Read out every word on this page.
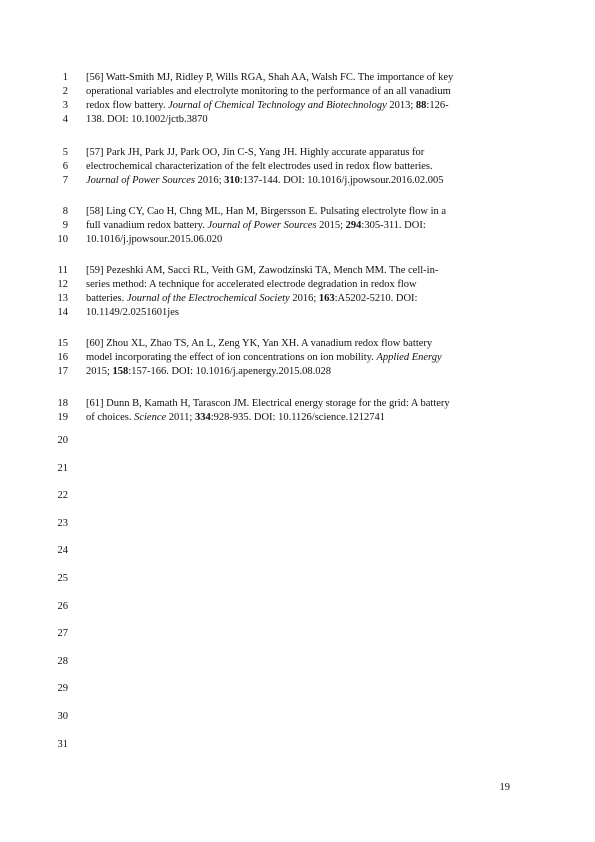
1 [56] Watt-Smith MJ, Ridley P, Wills RGA, Shah AA, Walsh FC. The importance of key
2 operational variables and electrolyte monitoring to the performance of an all vanadium
3 redox flow battery. Journal of Chemical Technology and Biotechnology 2013; 88:126-
4 138. DOI: 10.1002/jctb.3870
5 [57] Park JH, Park JJ, Park OO, Jin C-S, Yang JH. Highly accurate apparatus for
6 electrochemical characterization of the felt electrodes used in redox flow batteries.
7 Journal of Power Sources 2016; 310:137-144. DOI: 10.1016/j.jpowsour.2016.02.005
8 [58] Ling CY, Cao H, Chng ML, Han M, Birgersson E. Pulsating electrolyte flow in a
9 full vanadium redox battery. Journal of Power Sources 2015; 294:305-311. DOI:
10 10.1016/j.jpowsour.2015.06.020
11 [59] Pezeshki AM, Sacci RL, Veith GM, Zawodzinski TA, Mench MM. The cell-in-
12 series method: A technique for accelerated electrode degradation in redox flow
13 batteries. Journal of the Electrochemical Society 2016; 163:A5202-5210. DOI:
14 10.1149/2.0251601jes
15 [60] Zhou XL, Zhao TS, An L, Zeng YK, Yan XH. A vanadium redox flow battery
16 model incorporating the effect of ion concentrations on ion mobility. Applied Energy
17 2015; 158:157-166. DOI: 10.1016/j.apenergy.2015.08.028
18 [61] Dunn B, Kamath H, Tarascon JM. Electrical energy storage for the grid: A battery
19 of choices. Science 2011; 334:928-935. DOI: 10.1126/science.1212741
20
21
22
23
24
25
26
27
28
29
30
31
19
